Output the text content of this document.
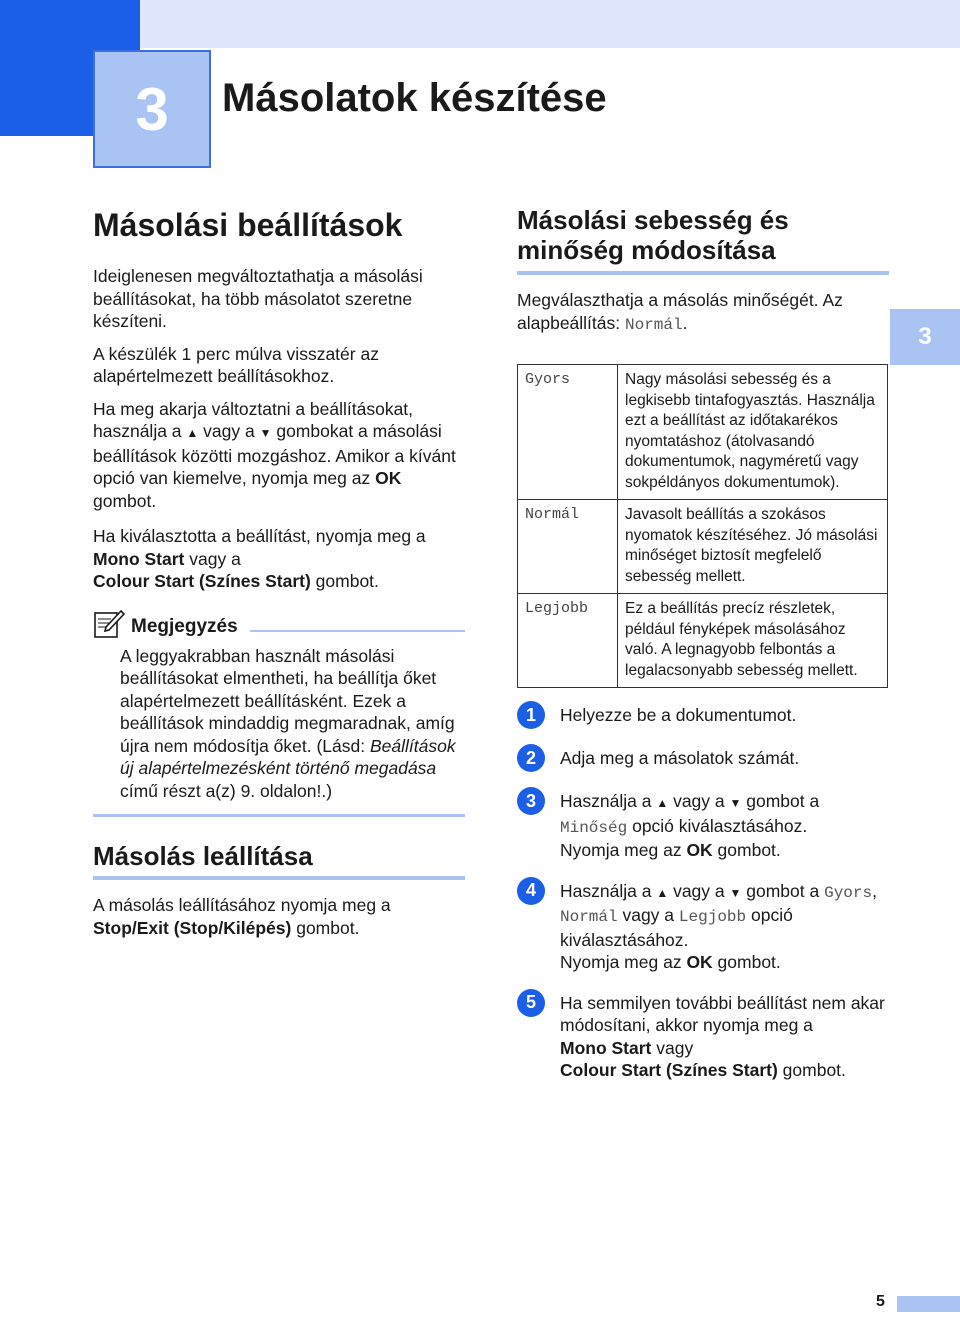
3 Másolatok készítése
3
Másolási beállítások
Ideiglenesen megváltoztathatja a másolási beállításokat, ha több másolatot szeretne készíteni.
A készülék 1 perc múlva visszatér az alapértelmezett beállításokhoz.
Ha meg akarja változtatni a beállításokat, használja a ▲ vagy a ▼ gombokat a másolási beállítások közötti mozgáshoz. Amikor a kívánt opció van kiemelve, nyomja meg az OK gombot.
Ha kiválasztotta a beállítást, nyomja meg a Mono Start vagy a
Colour Start (Színes Start) gombot.
Megjegyzés
A leggyakrabban használt másolási beállításokat elmentheti, ha beállítja őket alapértelmezett beállításként. Ezek a beállítások mindaddig megmaradnak, amíg újra nem módosítja őket. (Lásd: Beállítások új alapértelmezésként történő megadása című részt a(z) 9. oldalon!.)
Másolás leállítása
A másolás leállításához nyomja meg a Stop/Exit (Stop/Kilépés) gombot.
Másolási sebesség és
minőség módosítása
Megválaszthatja a másolás minőségét. Az alapbeállítás: Normál.
Gyors	Nagy másolási sebesség és a legkisebb tintafogyasztás. Használja ezt a beállítást az időtakarékos nyomtatáshoz (átolvasandó dokumentumok, nagyméretű vagy sokpéldányos dokumentumok).
Normál	Javasolt beállítás a szokásos nyomatok készítéséhez. Jó másolási minőséget biztosít megfelelő sebesség mellett.
Legjobb	Ez a beállítás precíz részletek, például fényképek másolásához való. A legnagyobb felbontás a legalacsonyabb sebesség mellett.
1	Helyezze be a dokumentumot.
2	Adja meg a másolatok számát.
3	Használja a ▲ vagy a ▼ gombot a
Minőség opció kiválasztásához.
Nyomja meg az OK gombot.
4	Használja a ▲ vagy a ▼ gombot a Gyors,
Normál vagy a Legjobb opció kiválasztásához.
Nyomja meg az OK gombot.
5	Ha semmilyen további beállítást nem akar módosítani, akkor nyomja meg a
Mono Start vagy
Colour Start (Színes Start) gombot.
5
